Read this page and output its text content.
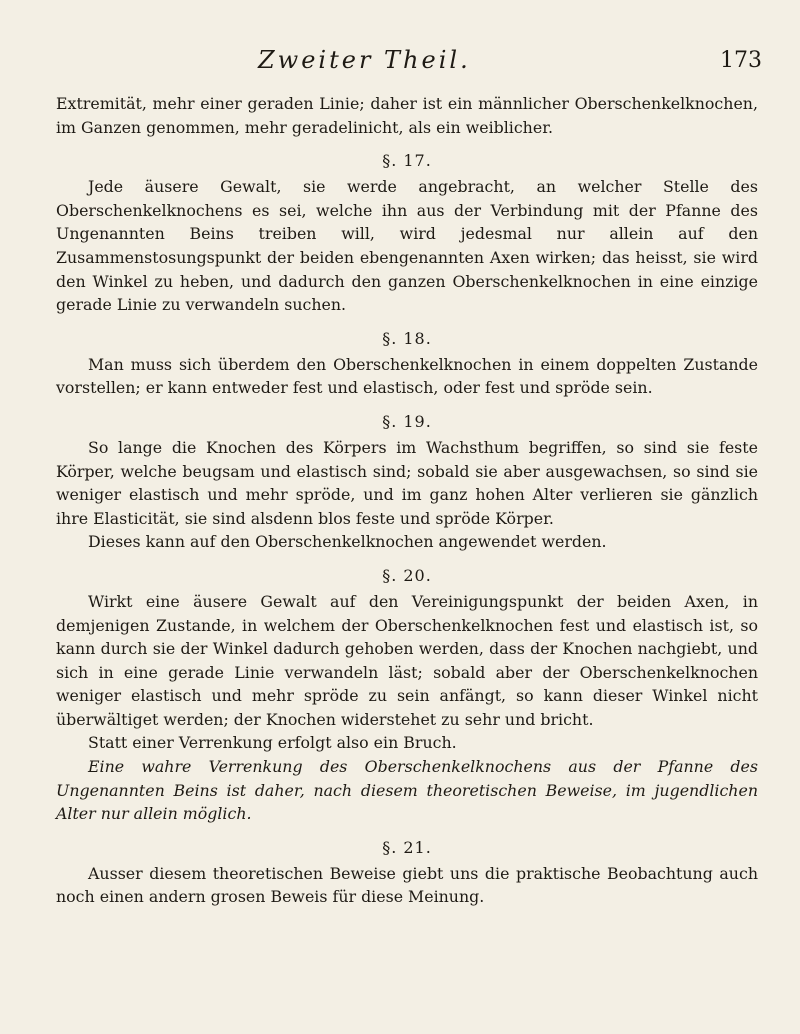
Zweiter Theil.	173

Extremität, mehr einer geraden Linie; daher ist ein männlicher Oberschenkelknochen, im Ganzen genommen, mehr geradelinicht, als ein weiblicher.

§. 17.

Jede äusere Gewalt, sie werde angebracht, an welcher Stelle des Oberschenkelknochens es sei, welche ihn aus der Verbindung mit der Pfanne des Ungenannten Beins treiben will, wird jedesmal nur allein auf den Zusammenstosungspunkt der beiden ebengenannten Axen wirken; das heisst, sie wird den Winkel zu heben, und dadurch den ganzen Oberschenkelknochen in eine einzige gerade Linie zu verwandeln suchen.

§. 18.

Man muss sich überdem den Oberschenkelknochen in einem doppelten Zustande vorstellen; er kann entweder fest und elastisch, oder fest und spröde sein.

§. 19.

So lange die Knochen des Körpers im Wachsthum begriffen, so sind sie feste Körper, welche beugsam und elastisch sind; sobald sie aber ausgewachsen, so sind sie weniger elastisch und mehr spröde, und im ganz hohen Alter verlieren sie gänzlich ihre Elasticität, sie sind alsdenn blos feste und spröde Körper.

Dieses kann auf den Oberschenkelknochen angewendet werden.

§. 20.

Wirkt eine äusere Gewalt auf den Vereinigungspunkt der beiden Axen, in demjenigen Zustande, in welchem der Oberschenkelknochen fest und elastisch ist, so kann durch sie der Winkel dadurch gehoben werden, dass der Knochen nachgiebt, und sich in eine gerade Linie verwandeln läst; sobald aber der Oberschenkelknochen weniger elastisch und mehr spröde zu sein anfängt, so kann dieser Winkel nicht überwältiget werden; der Knochen widerstehet zu sehr und bricht.

Statt einer Verrenkung erfolgt also ein Bruch.

Eine wahre Verrenkung des Oberschenkelknochens aus der Pfanne des Ungenannten Beins ist daher, nach diesem theoretischen Beweise, im jugendlichen Alter nur allein möglich.

§. 21.

Ausser diesem theoretischen Beweise giebt uns die praktische Beobachtung auch noch einen andern grosen Beweis für diese Meinung.
